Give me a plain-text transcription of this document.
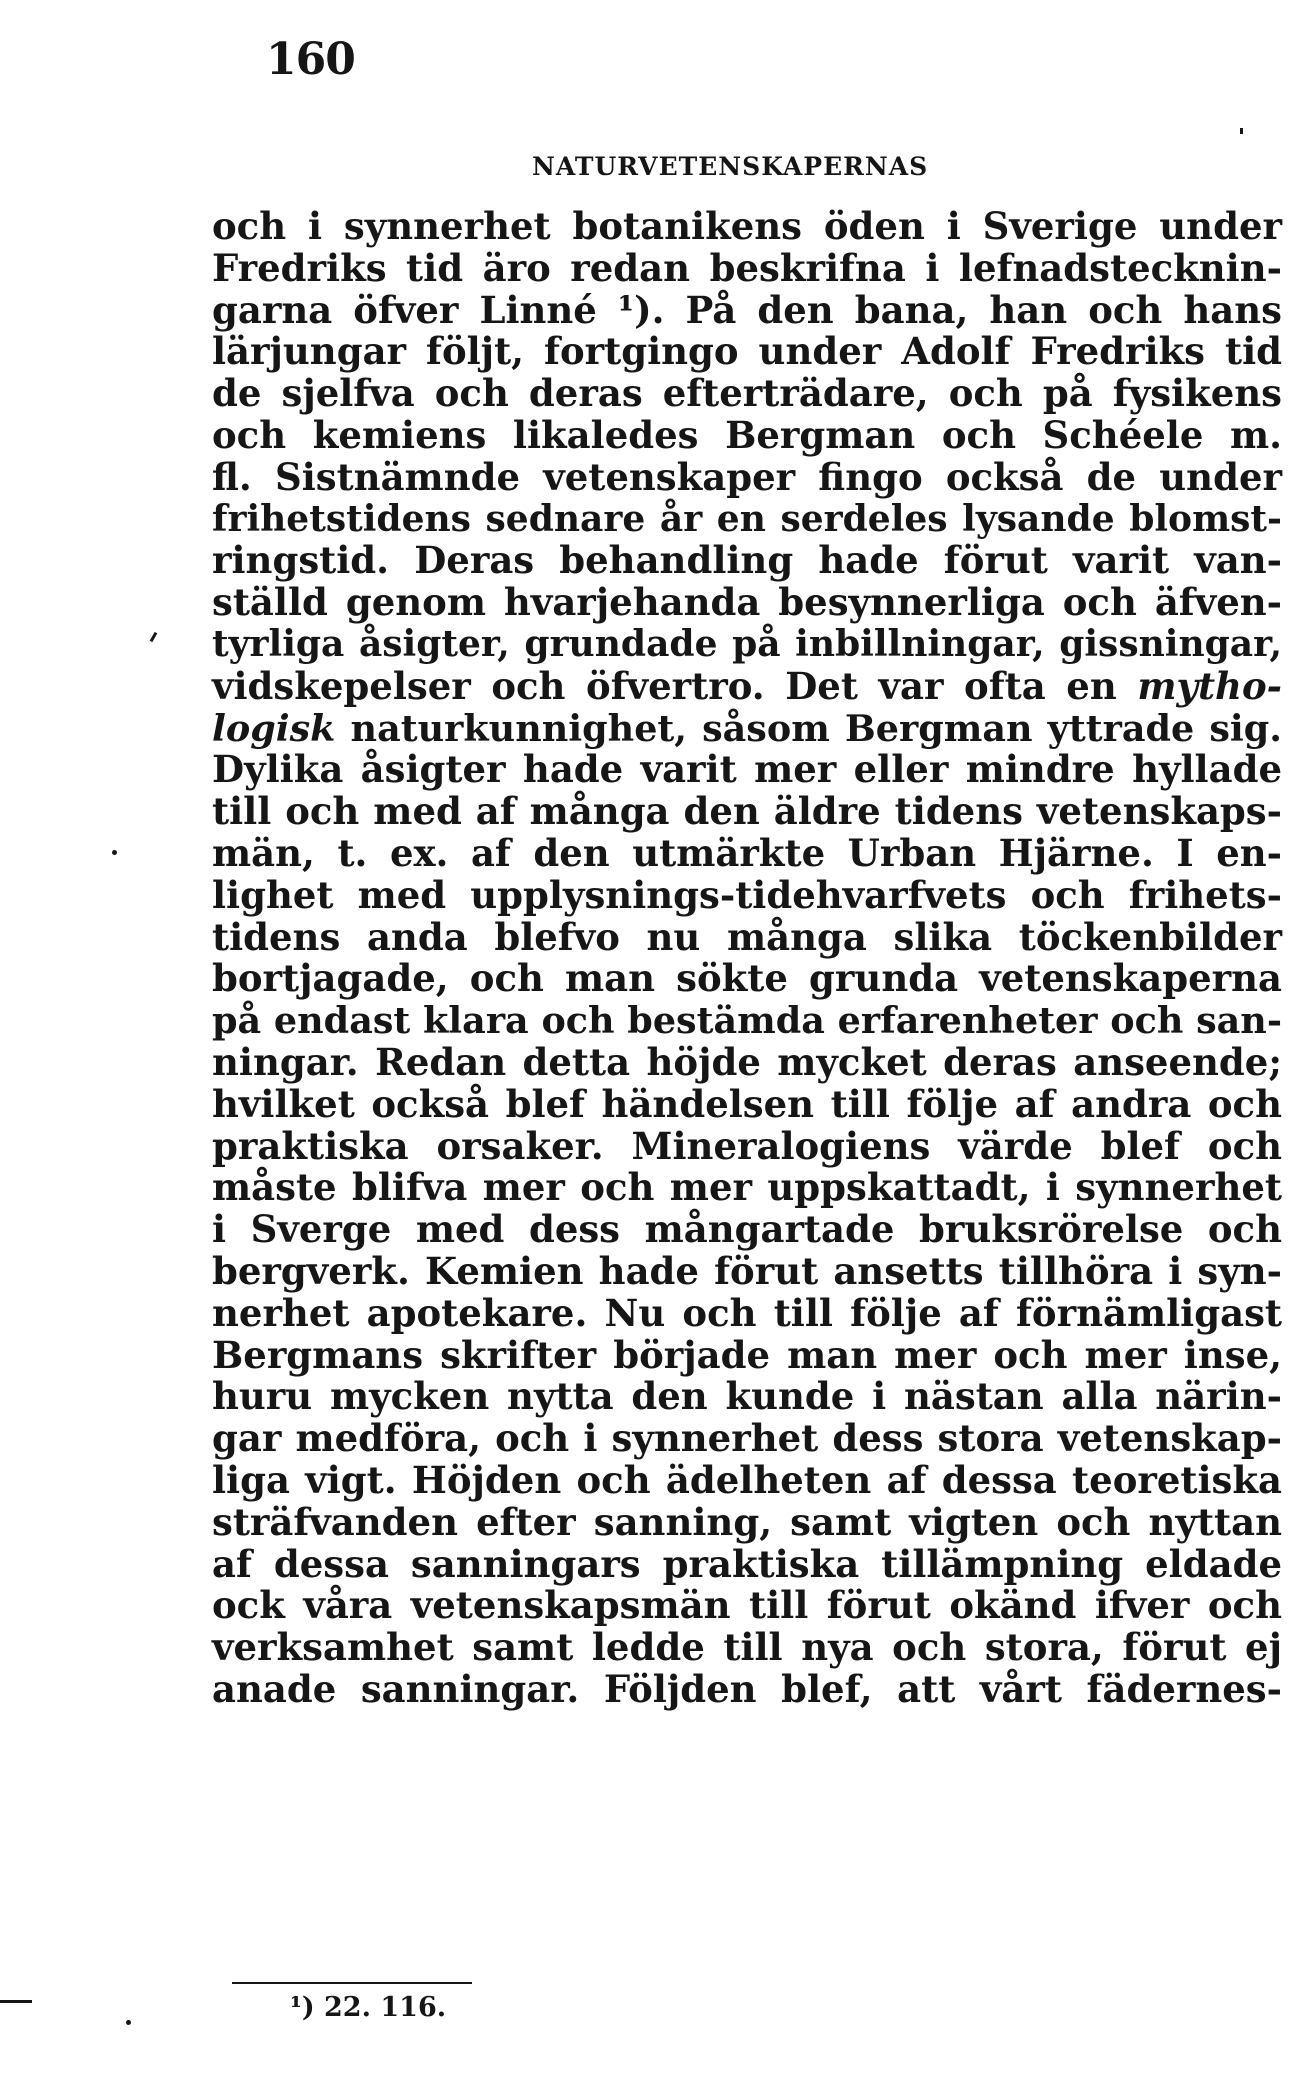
160
NATURVETENSKAPERNAS
och i synnerhet botanikens öden i Sverige under
Fredriks tid äro redan beskrifna i lefnadstecknin-
garna öfver Linné ¹). På den bana, han och hans
lärjungar följt, fortgingo under Adolf Fredriks tid
de sjelfva och deras efterträdare, och på fysikens
och kemiens likaledes Bergman och Schéele m.
fl. Sistnämnde vetenskaper fingo också de under
frihetstidens sednare år en serdeles lysande blomst-
ringstid. Deras behandling hade förut varit van-
ställd genom hvarjehanda besynnerliga och äfven-
tyrliga åsigter, grundade på inbillningar, gissningar,
vidskepelser och öfvertro. Det var ofta en mytho-
logisk naturkunnighet, såsom Bergman yttrade sig.
Dylika åsigter hade varit mer eller mindre hyllade
till och med af många den äldre tidens vetenskaps-
män, t. ex. af den utmärkte Urban Hjärne. I en-
lighet med upplysnings-tidehvarfvets och frihets-
tidens anda blefvo nu många slika töckenbilder
bortjagade, och man sökte grunda vetenskaperna
på endast klara och bestämda erfarenheter och san-
ningar. Redan detta höjde mycket deras anseende;
hvilket också blef händelsen till följe af andra och
praktiska orsaker. Mineralogiens värde blef och
måste blifva mer och mer uppskattadt, i synnerhet
i Sverge med dess mångartade bruksrörelse och
bergverk. Kemien hade förut ansetts tillhöra i syn-
nerhet apotekare. Nu och till följe af förnämligast
Bergmans skrifter började man mer och mer inse,
huru mycken nytta den kunde i nästan alla närin-
gar medföra, och i synnerhet dess stora vetenskap-
liga vigt. Höjden och ädelheten af dessa teoretiska
sträfvanden efter sanning, samt vigten och nyttan
af dessa sanningars praktiska tillämpning eldade
ock våra vetenskapsmän till förut okänd ifver och
verksamhet samt ledde till nya och stora, förut ej
anade sanningar. Följden blef, att vårt fädernes-
¹) 22. 116.
